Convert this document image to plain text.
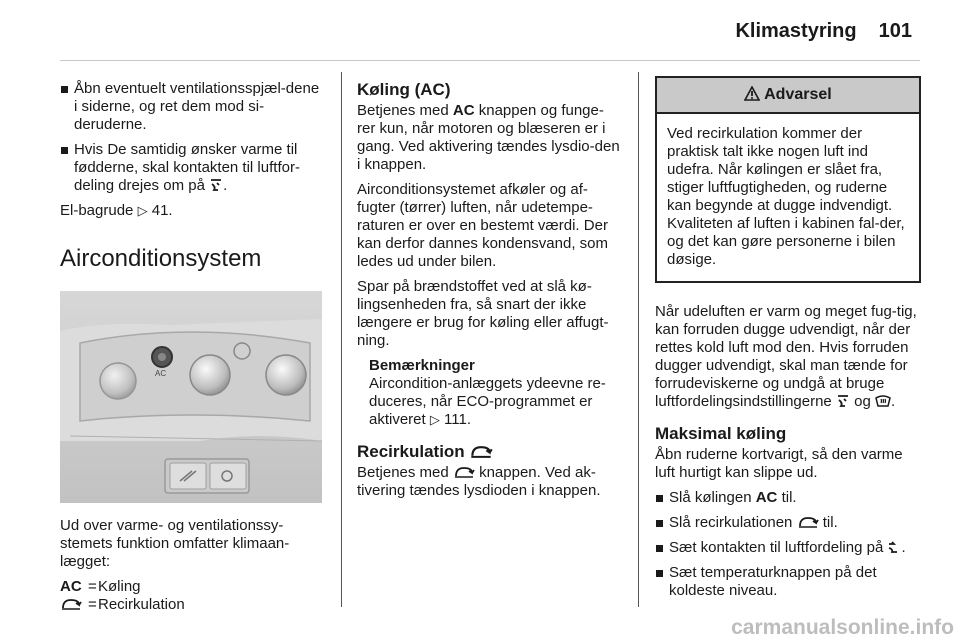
Klimastyring 101
Åbn eventuelt ventilationsspjæl-dene i siderne, og ret dem mod si-deruderne.
Hvis De samtidig ønsker varme til fødderne, skal kontakten til luftfor-deling drejes om på .

El-bagrude ▷ 41.

Airconditionsystem
AC

Ud over varme- og ventilationssy-stemets funktion omfatter klimaan-lægget:

AC = Køling
= Recirkulation
Køling (AC)

Betjenes med AC knappen og funge-rer kun, når motoren og blæseren er i gang. Ved aktivering tændes lysdio-den i knappen.

Airconditionsystemet afkøler og af-fugter (tørrer) luften, når udetempe-raturen er over en bestemt værdi. Der kan derfor dannes kondensvand, som ledes ud under bilen.

Spar på brændstoffet ved at slå kø-lingsenheden fra, så snart der ikke længere er brug for køling eller affugt-ning.

Bemærkninger
Aircondition-anlæggets ydeevne re-duceres, når ECO-programmet er aktiveret ▷ 111.
Recirkulation

Betjenes med knappen. Ved ak-tivering tændes lysdioden i knappen.

Advarsel
Ved recirkulation kommer der praktisk talt ikke nogen luft ind udefra. Når kølingen er slået fra, stiger luftfugtigheden, og ruderne kan begynde at dugge indvendigt. Kvaliteten af luften i kabinen fal-der, og det kan gøre personerne i bilen døsige.

Når udeluften er varm og meget fug-tig, kan forruden dugge udvendigt, når der rettes kold luft mod den. Hvis forruden dugger udvendigt, skal man tænde for forrudeviskerne og undgå at bruge luftfordelingsindstillingerne og .

Maksimal køling

Åbn ruderne kortvarigt, så den varme luft hurtigt kan slippe ud.

Slå kølingen AC til.
Slå recirkulationen til.
Sæt kontakten til luftfordeling på .
Sæt temperaturknappen på det koldeste niveau.
carmanualsonline.info
